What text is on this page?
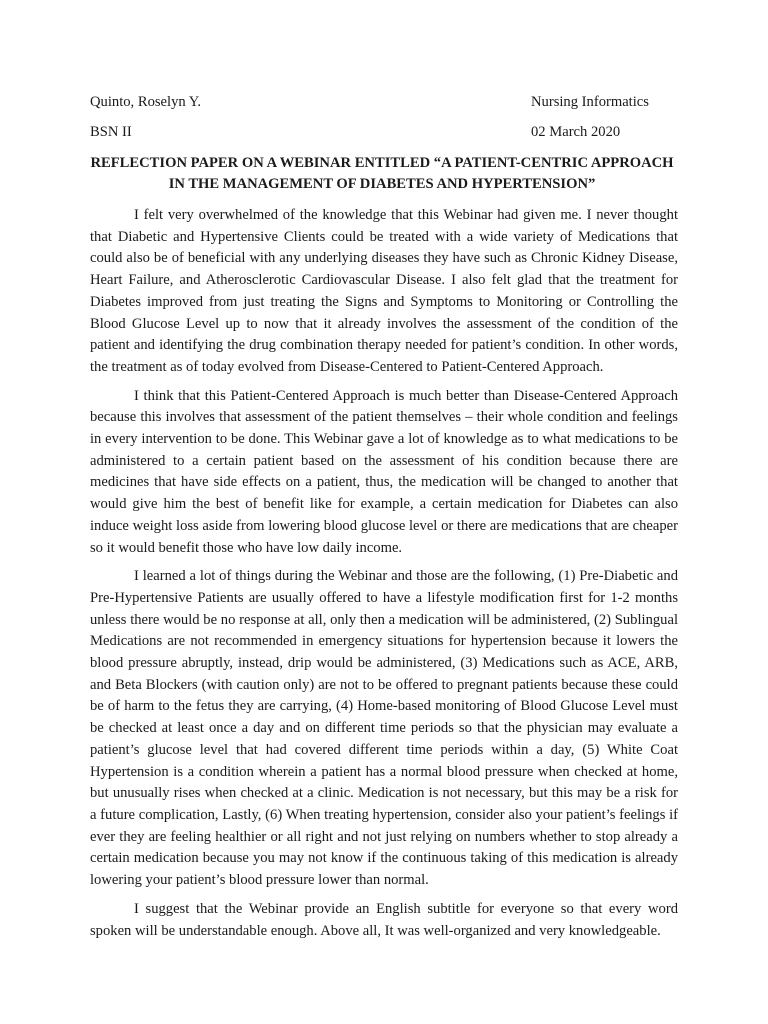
Quinto, Roselyn Y.	Nursing Informatics
BSN II	02 March 2020
REFLECTION PAPER ON A WEBINAR ENTITLED “A PATIENT-CENTRIC APPROACH IN THE MANAGEMENT OF DIABETES AND HYPERTENSION”

I felt very overwhelmed of the knowledge that this Webinar had given me. I never thought that Diabetic and Hypertensive Clients could be treated with a wide variety of Medications that could also be of beneficial with any underlying diseases they have such as Chronic Kidney Disease, Heart Failure, and Atherosclerotic Cardiovascular Disease. I also felt glad that the treatment for Diabetes improved from just treating the Signs and Symptoms to Monitoring or Controlling the Blood Glucose Level up to now that it already involves the assessment of the condition of the patient and identifying the drug combination therapy needed for patient’s condition. In other words, the treatment as of today evolved from Disease-Centered to Patient-Centered Approach.

I think that this Patient-Centered Approach is much better than Disease-Centered Approach because this involves that assessment of the patient themselves – their whole condition and feelings in every intervention to be done. This Webinar gave a lot of knowledge as to what medications to be administered to a certain patient based on the assessment of his condition because there are medicines that have side effects on a patient, thus, the medication will be changed to another that would give him the best of benefit like for example, a certain medication for Diabetes can also induce weight loss aside from lowering blood glucose level or there are medications that are cheaper so it would benefit those who have low daily income.

I learned a lot of things during the Webinar and those are the following, (1) Pre-Diabetic and Pre-Hypertensive Patients are usually offered to have a lifestyle modification first for 1-2 months unless there would be no response at all, only then a medication will be administered, (2) Sublingual Medications are not recommended in emergency situations for hypertension because it lowers the blood pressure abruptly, instead, drip would be administered, (3) Medications such as ACE, ARB, and Beta Blockers (with caution only) are not to be offered to pregnant patients because these could be of harm to the fetus they are carrying, (4) Home-based monitoring of Blood Glucose Level must be checked at least once a day and on different time periods so that the physician may evaluate a patient’s glucose level that had covered different time periods within a day, (5) White Coat Hypertension is a condition wherein a patient has a normal blood pressure when checked at home, but unusually rises when checked at a clinic. Medication is not necessary, but this may be a risk for a future complication, Lastly, (6) When treating hypertension, consider also your patient’s feelings if ever they are feeling healthier or all right and not just relying on numbers whether to stop already a certain medication because you may not know if the continuous taking of this medication is already lowering your patient’s blood pressure lower than normal.

I suggest that the Webinar provide an English subtitle for everyone so that every word spoken will be understandable enough. Above all, It was well-organized and very knowledgeable.
